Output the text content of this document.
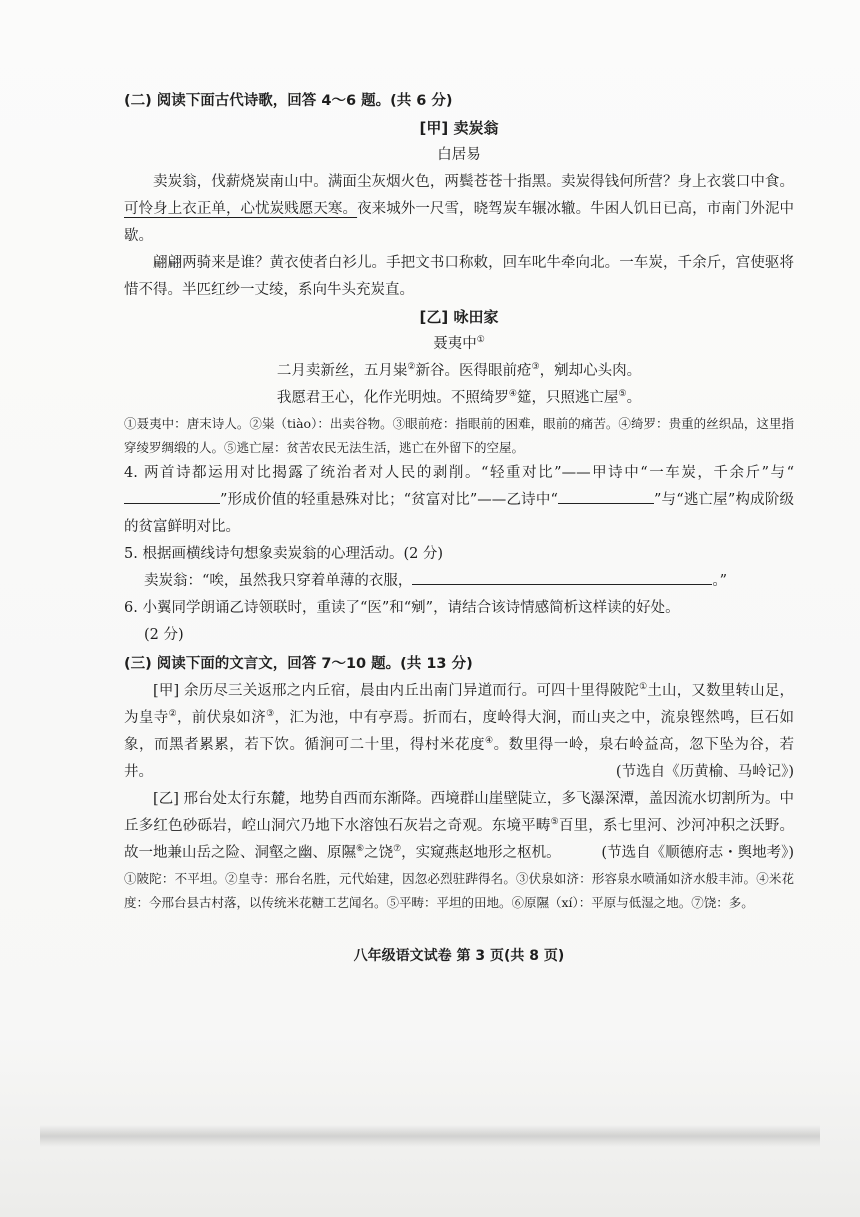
(二) 阅读下面古代诗歌，回答 4～6 题。(共 6 分)

[甲] 卖炭翁

白居易

卖炭翁，伐薪烧炭南山中。满面尘灰烟火色，两鬓苍苍十指黑。卖炭得钱何所营？身上衣裳口中食。可怜身上衣正单，心忧炭贱愿天寒。夜来城外一尺雪，晓驾炭车辗冰辙。牛困人饥日已高，市南门外泥中歇。

翩翩两骑来是谁？黄衣使者白衫儿。手把文书口称敕，回车叱牛牵向北。一车炭，千余斤，宫使驱将惜不得。半匹红纱一丈绫，系向牛头充炭直。

[乙] 咏田家

聂夷中①

二月卖新丝，五月粜②新谷。医得眼前疮③，剜却心头肉。

我愿君王心，化作光明烛。不照绮罗④筵，只照逃亡屋⑤。

①聂夷中：唐末诗人。②粜（tiào）：出卖谷物。③眼前疮：指眼前的困难，眼前的痛苦。④绮罗：贵重的丝织品，这里指穿绫罗绸缎的人。⑤逃亡屋：贫苦农民无法生活，逃亡在外留下的空屋。

4. 两首诗都运用对比揭露了统治者对人民的剥削。“轻重对比”——甲诗中“一车炭，千余斤”与“”形成价值的轻重悬殊对比；“贫富对比”——乙诗中“	”与“逃亡屋”构成阶级的贫富鲜明对比。

5. 根据画横线诗句想象卖炭翁的心理活动。(2 分)

卖炭翁：“唉，虽然我只穿着单薄的衣服，	。”

6. 小翼同学朗诵乙诗领联时，重读了“医”和“剜”，请结合该诗情感简析这样读的好处。

(2 分)

(三) 阅读下面的文言文，回答 7～10 题。(共 13 分)

[甲] 余历尽三关返邢之内丘宿，晨由内丘出南门异道而行。可四十里得陂陀①土山，又数里转山足，为皇寺②，前伏泉如济③，汇为池，中有亭焉。折而右，度岭得大涧，而山夹之中，流泉铿然鸣，巨石如象，而黑者累累，若下饮。循涧可二十里，得村米花度④。数里得一岭，泉右岭益高，忽下坠为谷，若井。	(节选自《历黄榆、马岭记》)

[乙] 邢台处太行东麓，地势自西而东渐降。西境群山崖壁陡立，多飞瀑深潭，盖因流水切割所为。中丘多红色砂砾岩，崆山洞穴乃地下水溶蚀石灰岩之奇观。东境平畴⑤百里，系七里河、沙河冲积之沃野。故一地兼山岳之险、洞壑之幽、原隰⑥之饶⑦，实窥燕赵地形之枢机。	(节选自《顺德府志・舆地考》)

①陂陀：不平坦。②皇寺：邢台名胜，元代始建，因忽必烈驻跸得名。③伏泉如济：形容泉水喷涌如济水般丰沛。④米花度：今邢台县古村落，以传统米花糖工艺闻名。⑤平畴：平坦的田地。⑥原隰（xí）：平原与低湿之地。⑦饶：多。

八年级语文试卷 第 3 页(共 8 页)
